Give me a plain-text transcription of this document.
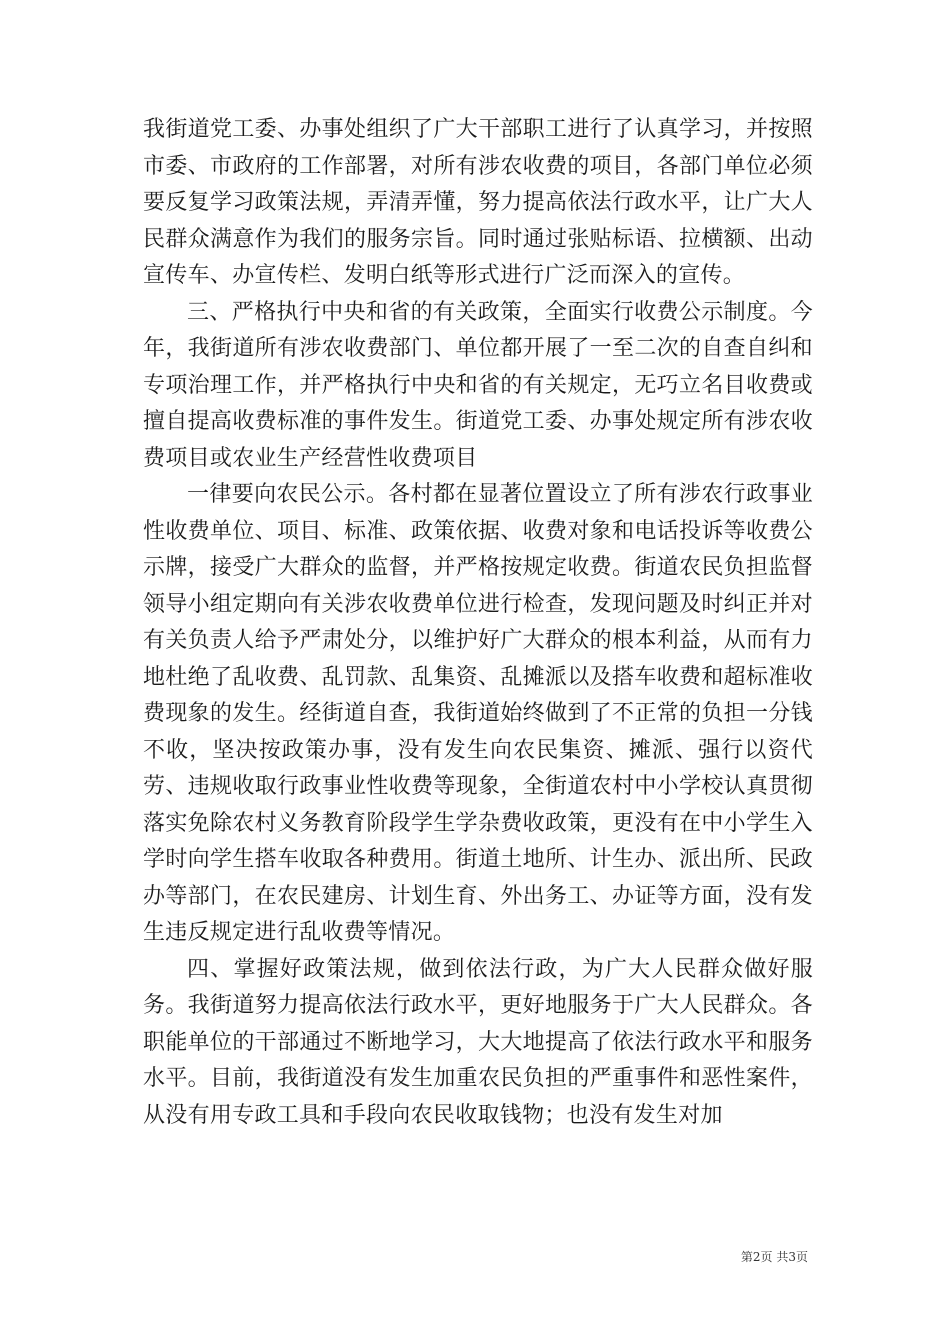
我街道党工委、办事处组织了广大干部职工进行了认真学习，并按照市委、市政府的工作部署，对所有涉农收费的项目，各部门单位必须要反复学习政策法规，弄清弄懂，努力提高依法行政水平，让广大人民群众满意作为我们的服务宗旨。同时通过张贴标语、拉横额、出动宣传车、办宣传栏、发明白纸等形式进行广泛而深入的宣传。

三、严格执行中央和省的有关政策，全面实行收费公示制度。今年，我街道所有涉农收费部门、单位都开展了一至二次的自查自纠和专项治理工作，并严格执行中央和省的有关规定，无巧立名目收费或擅自提高收费标准的事件发生。街道党工委、办事处规定所有涉农收费项目或农业生产经营性收费项目

一律要向农民公示。各村都在显著位置设立了所有涉农行政事业性收费单位、项目、标准、政策依据、收费对象和电话投诉等收费公示牌，接受广大群众的监督，并严格按规定收费。街道农民负担监督领导小组定期向有关涉农收费单位进行检查，发现问题及时纠正并对有关负责人给予严肃处分，以维护好广大群众的根本利益，从而有力地杜绝了乱收费、乱罚款、乱集资、乱摊派以及搭车收费和超标准收费现象的发生。经街道自查，我街道始终做到了不正常的负担一分钱不收，坚决按政策办事，没有发生向农民集资、摊派、强行以资代劳、违规收取行政事业性收费等现象，全街道农村中小学校认真贯彻落实免除农村义务教育阶段学生学杂费收政策，更没有在中小学生入学时向学生搭车收取各种费用。街道土地所、计生办、派出所、民政办等部门，在农民建房、计划生育、外出务工、办证等方面，没有发生违反规定进行乱收费等情况。

四、掌握好政策法规，做到依法行政，为广大人民群众做好服务。我街道努力提高依法行政水平，更好地服务于广大人民群众。各职能单位的干部通过不断地学习，大大地提高了依法行政水平和服务水平。目前，我街道没有发生加重农民负担的严重事件和恶性案件，从没有用专政工具和手段向农民收取钱物；也没有发生对加

第2页 共3页
